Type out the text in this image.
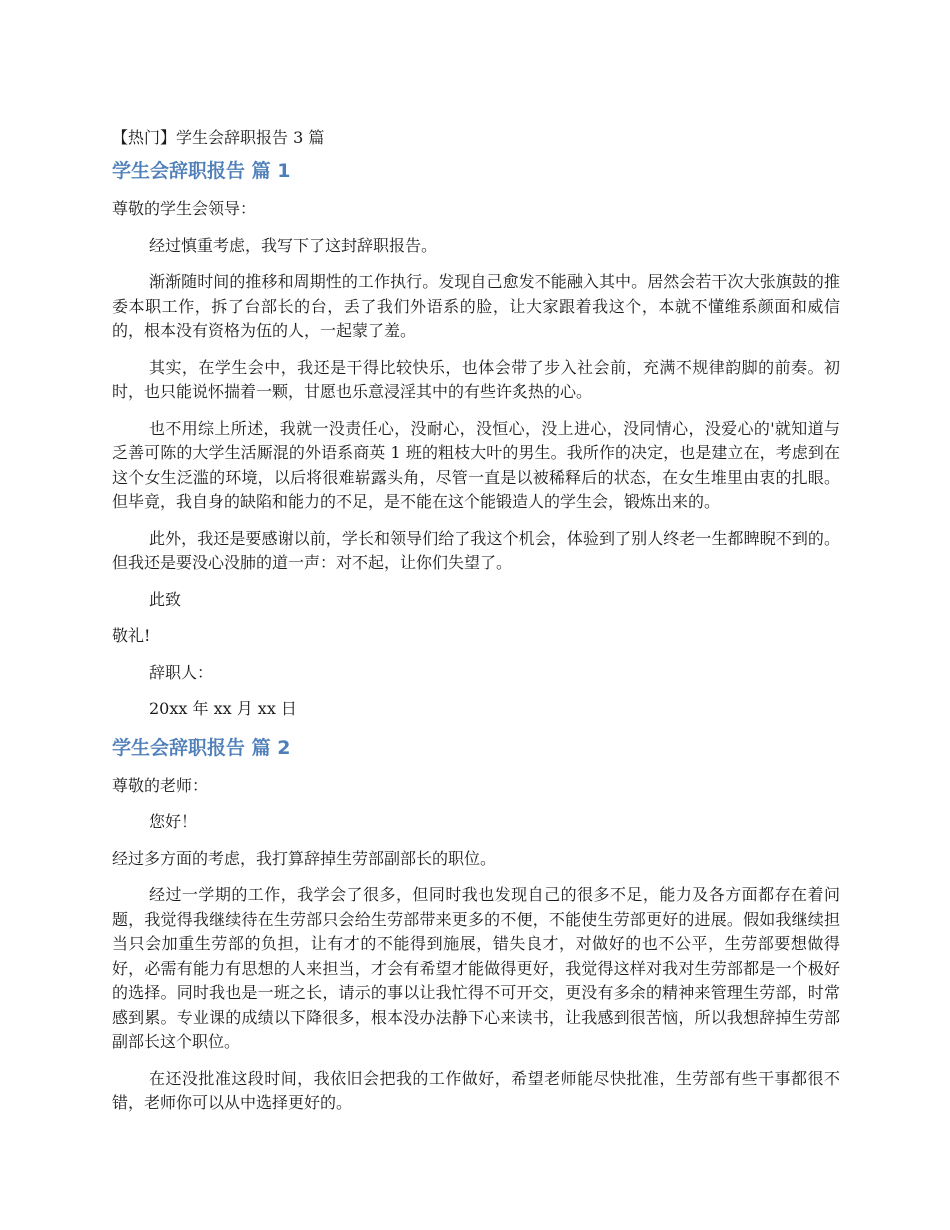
【热门】学生会辞职报告 3 篇
学生会辞职报告 篇 1
尊敬的学生会领导：
经过慎重考虑，我写下了这封辞职报告。
渐渐随时间的推移和周期性的工作执行。发现自己愈发不能融入其中。居然会若干次大张旗鼓的推委本职工作，拆了台部长的台，丢了我们外语系的脸，让大家跟着我这个，本就不懂维系颜面和威信的，根本没有资格为伍的人，一起蒙了羞。
其实，在学生会中，我还是干得比较快乐，也体会带了步入社会前，充满不规律韵脚的前奏。初时，也只能说怀揣着一颗，甘愿也乐意浸淫其中的有些许炙热的心。
也不用综上所述，我就一没责任心，没耐心，没恒心，没上进心，没同情心，没爱心的'就知道与乏善可陈的大学生活厮混的外语系商英 1 班的粗枝大叶的男生。我所作的决定，也是建立在，考虑到在这个女生泛滥的环境，以后将很难崭露头角，尽管一直是以被稀释后的状态，在女生堆里由衷的扎眼。但毕竟，我自身的缺陷和能力的不足，是不能在这个能锻造人的学生会，锻炼出来的。
此外，我还是要感谢以前，学长和领导们给了我这个机会，体验到了别人终老一生都睥睨不到的。但我还是要没心没肺的道一声：对不起，让你们失望了。
此致
敬礼!
辞职人：
20xx 年 xx 月 xx 日
学生会辞职报告 篇 2
尊敬的老师：
您好！
经过多方面的考虑，我打算辞掉生劳部副部长的职位。
经过一学期的工作，我学会了很多，但同时我也发现自己的很多不足，能力及各方面都存在着问题，我觉得我继续待在生劳部只会给生劳部带来更多的不便，不能使生劳部更好的进展。假如我继续担当只会加重生劳部的负担，让有才的不能得到施展，错失良才，对做好的也不公平，生劳部要想做得好，必需有能力有思想的人来担当，才会有希望才能做得更好，我觉得这样对我对生劳部都是一个极好的选择。同时我也是一班之长，请示的事以让我忙得不可开交，更没有多余的精神来管理生劳部，时常感到累。专业课的成绩以下降很多，根本没办法静下心来读书，让我感到很苦恼，所以我想辞掉生劳部副部长这个职位。
在还没批准这段时间，我依旧会把我的工作做好，希望老师能尽快批准，生劳部有些干事都很不错，老师你可以从中选择更好的。
